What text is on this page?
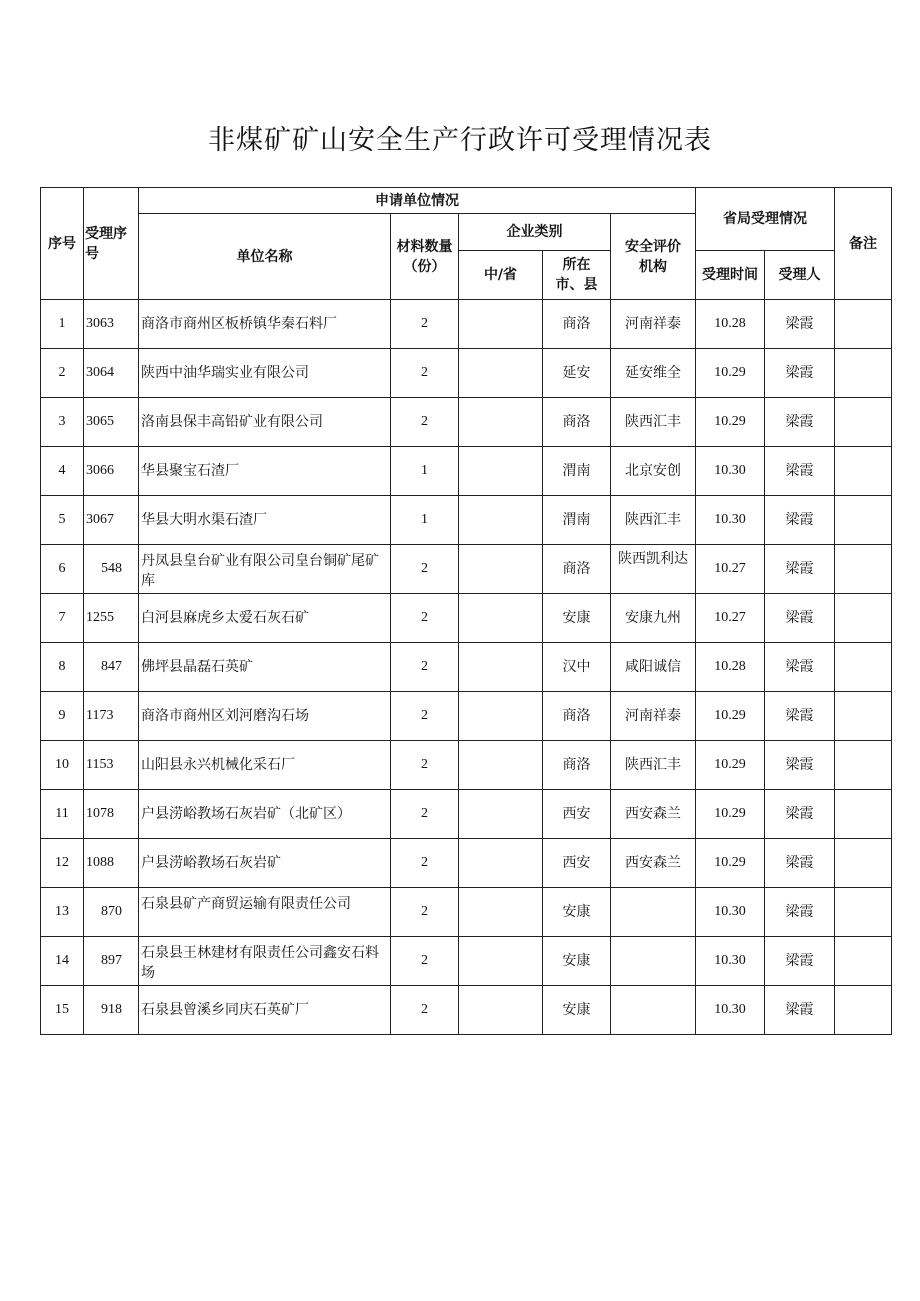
非煤矿矿山安全生产行政许可受理情况表
序号	受理序号	申请单位情况					省局受理情况		备注
		单位名称	材料数量（份）	企业类别		安全评价机构			
				中/省	所在市、县		受理时间	受理人	
1	3063	商洛市商州区板桥镇华秦石料厂	2		商洛	河南祥泰	10.28	梁霞	
2	3064	陕西中油华瑞实业有限公司	2		延安	延安维全	10.29	梁霞	
3	3065	洛南县保丰高铅矿业有限公司	2		商洛	陕西汇丰	10.29	梁霞	
4	3066	华县聚宝石渣厂	1		渭南	北京安创	10.30	梁霞	
5	3067	华县大明水渠石渣厂	1		渭南	陕西汇丰	10.30	梁霞	
6	548	丹凤县皇台矿业有限公司皇台铜矿尾矿库	2		商洛	陕西凯利达	10.27	梁霞	
7	1255	白河县麻虎乡太爱石灰石矿	2		安康	安康九州	10.27	梁霞	
8	847	佛坪县晶磊石英矿	2		汉中	咸阳诚信	10.28	梁霞	
9	1173	商洛市商州区刘河磨沟石场	2		商洛	河南祥泰	10.29	梁霞	
10	1153	山阳县永兴机械化采石厂	2		商洛	陕西汇丰	10.29	梁霞	
11	1078	户县涝峪教场石灰岩矿（北矿区）	2		西安	西安森兰	10.29	梁霞	
12	1088	户县涝峪教场石灰岩矿	2		西安	西安森兰	10.29	梁霞	
13	870	石泉县矿产商贸运输有限责任公司	2		安康		10.30	梁霞	
14	897	石泉县王林建材有限责任公司鑫安石料场	2		安康		10.30	梁霞	
15	918	石泉县曾溪乡同庆石英矿厂	2		安康		10.30	梁霞	
